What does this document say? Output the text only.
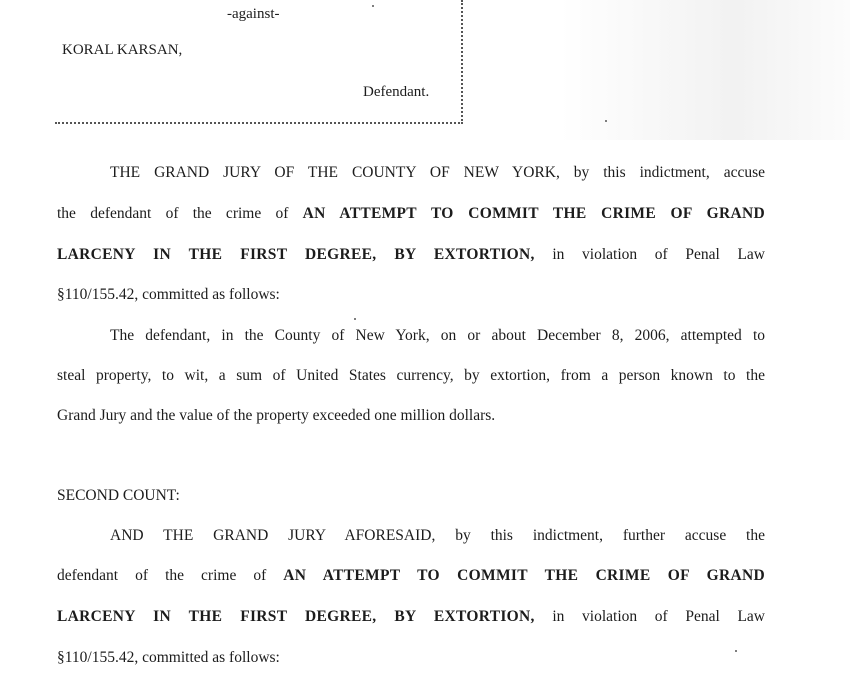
-against-
KORAL KARSAN,
Defendant.
THE GRAND JURY OF THE COUNTY OF NEW YORK, by this indictment, accuse
the defendant of the crime of AN ATTEMPT TO COMMIT THE CRIME OF GRAND
LARCENY IN THE FIRST DEGREE, BY EXTORTION, in violation of Penal Law
§110/155.42, committed as follows:
The defendant, in the County of New York, on or about December 8, 2006, attempted to
steal property, to wit, a sum of United States currency, by extortion, from a person known to the
Grand Jury and the value of the property exceeded one million dollars.
SECOND COUNT:
AND THE GRAND JURY AFORESAID, by this indictment, further accuse the
defendant of the crime of AN ATTEMPT TO COMMIT THE CRIME OF GRAND
LARCENY IN THE FIRST DEGREE, BY EXTORTION, in violation of Penal Law
§110/155.42, committed as follows:
